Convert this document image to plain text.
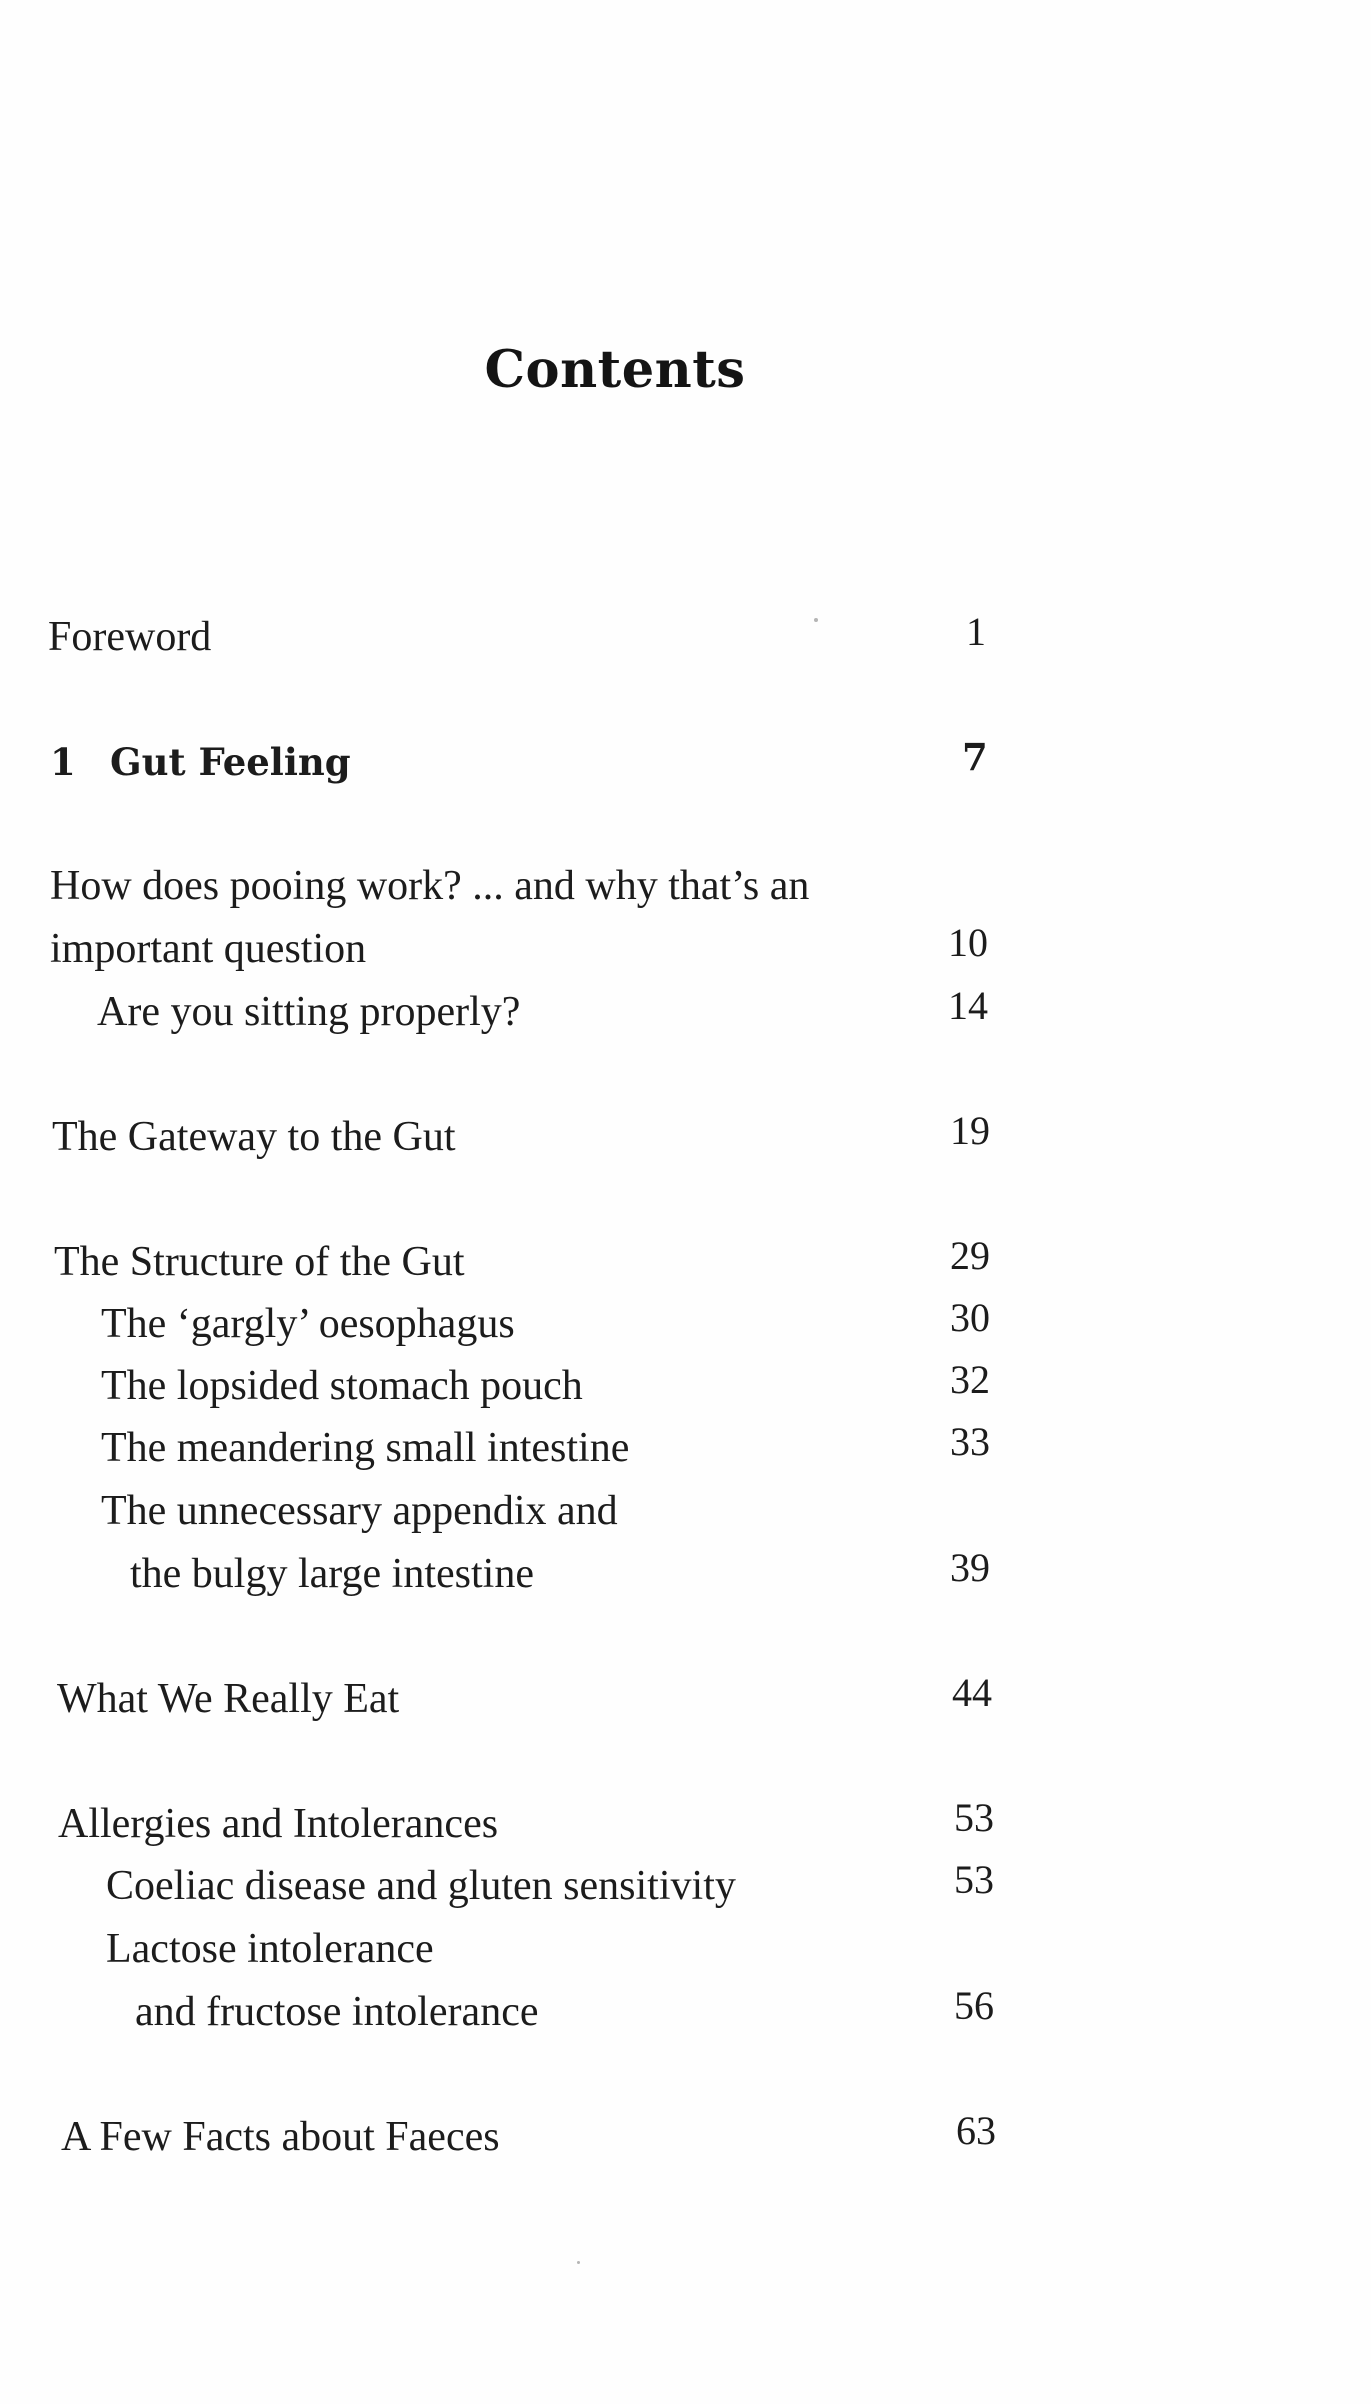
Contents
Foreword	1
1 Gut Feeling	7
How does pooing work? ... and why that’s an
important question	10
Are you sitting properly?	14
The Gateway to the Gut	19
The Structure of the Gut	29
The ‘gargly’ oesophagus	30
The lopsided stomach pouch	32
The meandering small intestine	33
The unnecessary appendix and
the bulgy large intestine	39
What We Really Eat	44
Allergies and Intolerances	53
Coeliac disease and gluten sensitivity	53
Lactose intolerance
and fructose intolerance	56
A Few Facts about Faeces	63
